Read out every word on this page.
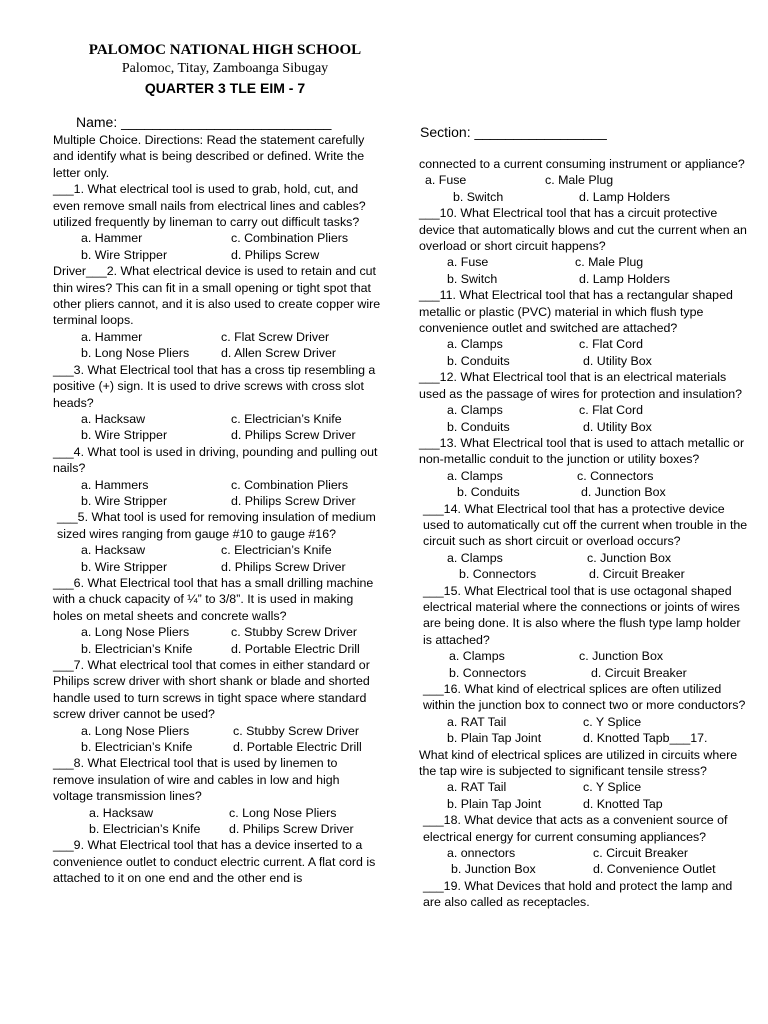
PALOMOC NATIONAL HIGH SCHOOL
Palomoc, Titay, Zamboanga Sibugay
QUARTER 3 TLE EIM - 7
Name: ___________________________
Section: _________________

Multiple Choice. Directions: Read the statement carefully and identify what is being described or defined. Write the

letter only.

___1. What electrical tool is used to grab, hold, cut, and even remove small nails from electrical lines and cables? utilized frequently by lineman to carry out difficult tasks?

a. Hammer	c. Combination Pliers
b. Wire Stripper	d. Philips Screw

Driver___2. What electrical device is used to retain and cut thin wires? This can fit in a small opening or tight spot that other pliers cannot, and it is also used to create copper wire terminal loops.

a. Hammer	c. Flat Screw Driver
b. Long Nose Pliers	d. Allen Screw Driver

___3. What Electrical tool that has a cross tip resembling a positive (+) sign. It is used to drive screws with cross slot heads?

a. Hacksaw	c. Electrician’s Knife
b. Wire Stripper	d. Philips Screw Driver

___4. What tool is used in driving, pounding and pulling out nails?

a. Hammers	c. Combination Pliers
b. Wire Stripper	d. Philips Screw Driver

___5. What tool is used for removing insulation of medium sized wires ranging from gauge #10 to gauge #16?

a. Hacksaw	c. Electrician’s Knife
b. Wire Stripper	d. Philips Screw Driver

___6. What Electrical tool that has a small drilling machine with a chuck capacity of ¼” to 3/8”. It is used in making holes on metal sheets and concrete walls?

a. Long Nose Pliers	c. Stubby Screw Driver
b. Electrician’s Knife	d. Portable Electric Drill

___7. What electrical tool that comes in either standard or Philips screw driver with short shank or blade and shorted handle used to turn screws in tight space where standard screw driver cannot be used?

a. Long Nose Pliers	c. Stubby Screw Driver
b. Electrician’s Knife	d. Portable Electric Drill

___8. What Electrical tool that is used by linemen to remove insulation of wire and cables in low and high voltage transmission lines?

a. Hacksaw	c. Long Nose Pliers
b. Electrician’s Knife	d. Philips Screw Driver

___9. What Electrical tool that has a device inserted to a convenience outlet to conduct electric current. A flat cord is attached to it on one end and the other end is

connected to a current consuming instrument or appliance?

a. Fuse	c. Male Plug
b. Switch	d. Lamp Holders

___10. What Electrical tool that has a circuit protective device that automatically blows and cut the current when an overload or short circuit happens?

a. Fuse	c. Male Plug
b. Switch	d. Lamp Holders

___11. What Electrical tool that has a rectangular shaped metallic or plastic (PVC) material in which flush type convenience outlet and switched are attached?

a. Clamps	c. Flat Cord
b. Conduits	d. Utility Box

___12. What Electrical tool that is an electrical materials used as the passage of wires for protection and insulation?

a. Clamps	c. Flat Cord
b. Conduits	d. Utility Box

___13. What Electrical tool that is used to attach metallic or non-metallic conduit to the junction or utility boxes?

a. Clamps	c. Connectors
b. Conduits	d. Junction Box

___14. What Electrical tool that has a protective device used to automatically cut off the current when trouble in the circuit such as short circuit or overload occurs?

a. Clamps	c. Junction Box
b. Connectors	d. Circuit Breaker

___15. What Electrical tool that is use octagonal shaped electrical material where the connections or joints of wires are being done. It is also where the flush type lamp holder is attached?

a. Clamps	c. Junction Box
b. Connectors	d. Circuit Breaker

___16. What kind of electrical splices are often utilized within the junction box to connect two or more conductors?

a. RAT Tail	c. Y Splice
b. Plain Tap Joint	d. Knotted Tapb___17.

What kind of electrical splices are utilized in circuits where the tap wire is subjected to significant tensile stress?

a. RAT Tail	c. Y Splice
b. Plain Tap Joint	d. Knotted Tap

___18. What device that acts as a convenient source of electrical energy for current consuming appliances?

a. onnectors	c. Circuit Breaker
b. Junction Box	d. Convenience Outlet

___19. What Devices that hold and protect the lamp and are also called as receptacles.
